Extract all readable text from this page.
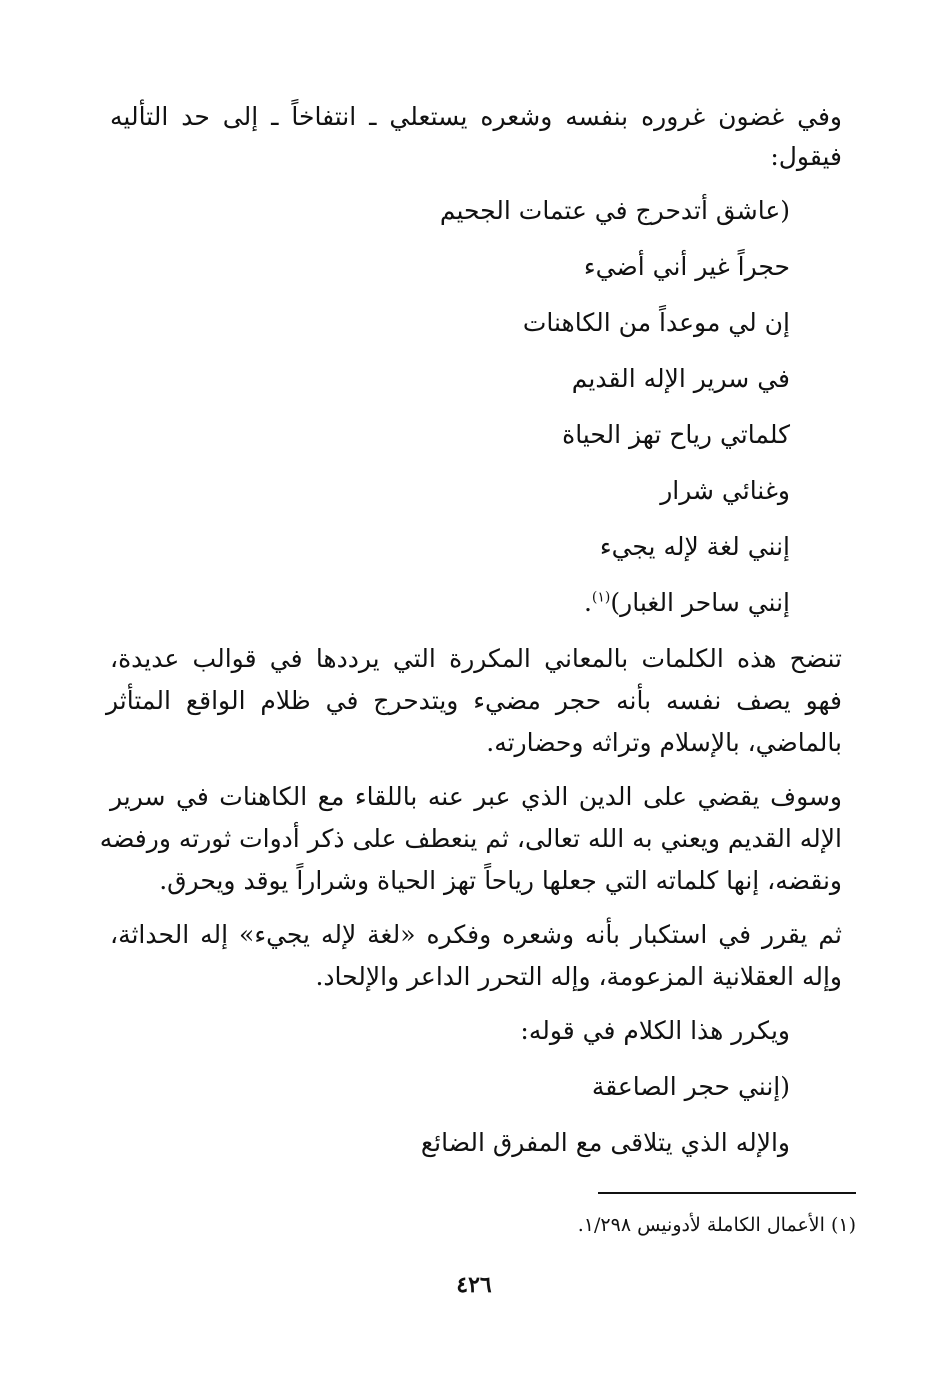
وفي غضون غروره بنفسه وشعره يستعلي ـ انتفاخاً ـ إلى حد التأليه
فيقول:
(عاشق أتدحرج في عتمات الجحيم
حجراً غير أني أضيء
إن لي موعداً من الكاهنات
في سرير الإله القديم
كلماتي رياح تهز الحياة
وغنائي شرار
إنني لغة لإله يجيء
إنني ساحر الغبار)$^{(١)}$.
تنضح هذه الكلمات بالمعاني المكررة التي يرددها في قوالب عديدة،
فهو يصف نفسه بأنه حجر مضيء ويتدحرج في ظلام الواقع المتأثر
بالماضي، بالإسلام وتراثه وحضارته.
وسوف يقضي على الدين الذي عبر عنه باللقاء مع الكاهنات في سرير
الإله القديم ويعني به الله تعالى، ثم ينعطف على ذكر أدوات ثورته ورفضه
ونقضه، إنها كلماته التي جعلها رياحاً تهز الحياة وشراراً يوقد ويحرق.
ثم يقرر في استكبار بأنه وشعره وفكره «لغة لإله يجيء» إله الحداثة،
وإله العقلانية المزعومة، وإله التحرر الداعر والإلحاد.
ويكرر هذا الكلام في قوله:
(إنني حجر الصاعقة
والإله الذي يتلاقى مع المفرق الضائع
(١) الأعمال الكاملة لأدونيس ١/٢٩٨.
٤٢٦
